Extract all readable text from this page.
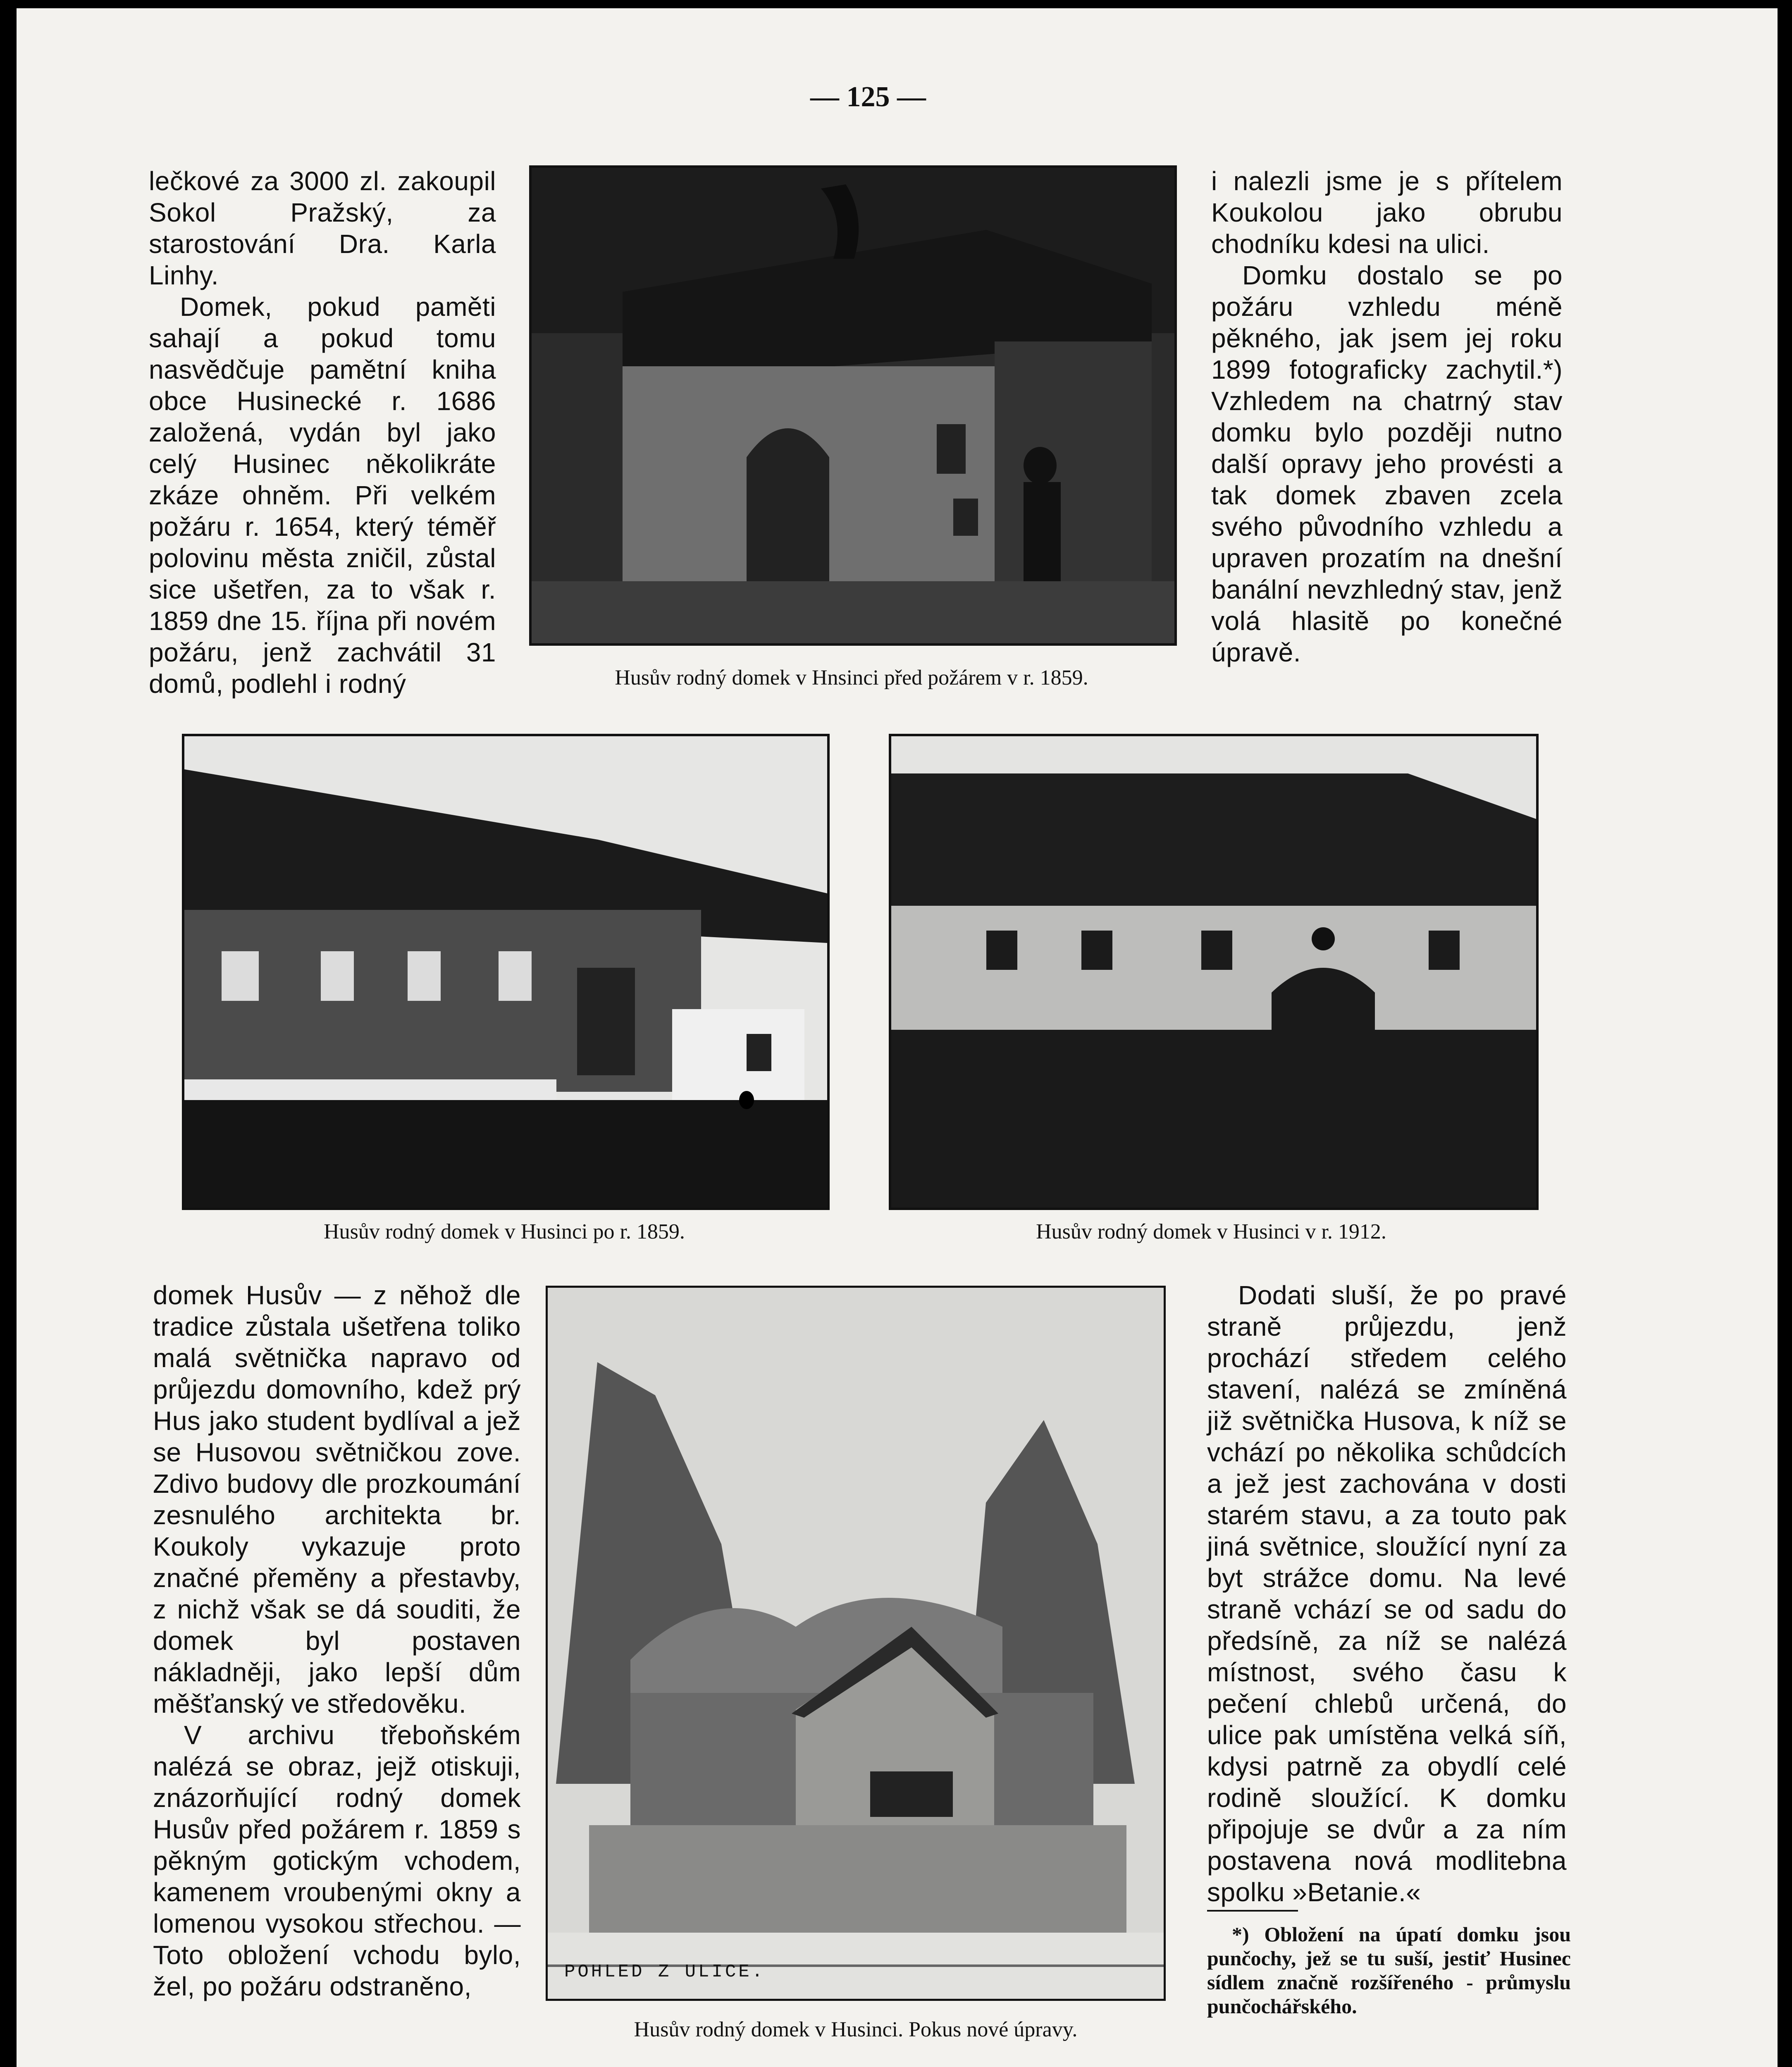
— 125 —

lečkové za 3000 zl. zakoupil Sokol Pražský, za starostování Dra. Karla Linhy.

Domek, pokud paměti sahají a pokud tomu nasvědčuje pamětní kniha obce Husinecké r. 1686 založená, vydán byl jako celý Husinec několikráte zkáze ohněm. Při velkém požáru r. 1654, který téměř polovinu města zničil, zůstal sice ušetřen, za to však r. 1859 dne 15. října při novém požáru, jenž zachvátil 31 domů, podlehl i rodný	Husův rodný domek v Hnsinci před požárem v r. 1859.

i nalezli jsme je s přítelem Koukolou jako obrubu chodníku kdesi na ulici.

Domku dostalo se po požáru vzhledu méně pěkného, jak jsem jej roku 1899 fotograficky zachytil.*) Vzhledem na chatrný stav domku bylo později nutno další opravy jeho provésti a tak domek zbaven zcela svého původního vzhledu a upraven prozatím na dnešní banální nevzhledný stav, jenž volá hlasitě po konečné úpravě.

Husův rodný domek v Husinci po r. 1859.	Husův rodný domek v Husinci v r. 1912.

domek Husův — z něhož dle tradice zůstala ušetřena toliko malá světnička napravo od průjezdu domovního, kdež prý Hus jako student bydlíval a jež se Husovou světničkou zove. Zdivo budovy dle prozkoumání zesnulého architekta br. Koukoly vykazuje proto značné přeměny a přestavby, z nichž však se dá souditi, že domek byl postaven nákladněji, jako lepší dům měšťanský ve středověku.

V archivu třeboňském nalézá se obraz, jejž otiskuji, znázorňující rodný domek Husův před požárem r. 1859 s pěkným gotickým vchodem, kamenem vroubenými okny a lomenou vysokou střechou. — Toto obložení vchodu bylo, žel, po požáru odstraněno,	POHLED Z ULICE.
Husův rodný domek v Husinci. Pokus nové úpravy.

Dodati sluší, že po pravé straně průjezdu, jenž prochází středem celého stavení, nalézá se zmíněná již světnička Husova, k níž se vchází po několika schůdcích a jež jest zachována v dosti starém stavu, a za touto pak jiná světnice, sloužící nyní za byt strážce domu. Na levé straně vchází se od sadu do předsíně, za níž se nalézá místnost, svého času k pečení chlebů určená, do ulice pak umístěna velká síň, kdysi patrně za obydlí celé rodině sloužící. K domku připojuje se dvůr a za ním postavena nová modlitebna spolku »Betanie.«

*) Obložení na úpatí domku jsou punčochy, jež se tu suší, jestiť Husinec sídlem značně rozšířeného - průmyslu punčochářského.
